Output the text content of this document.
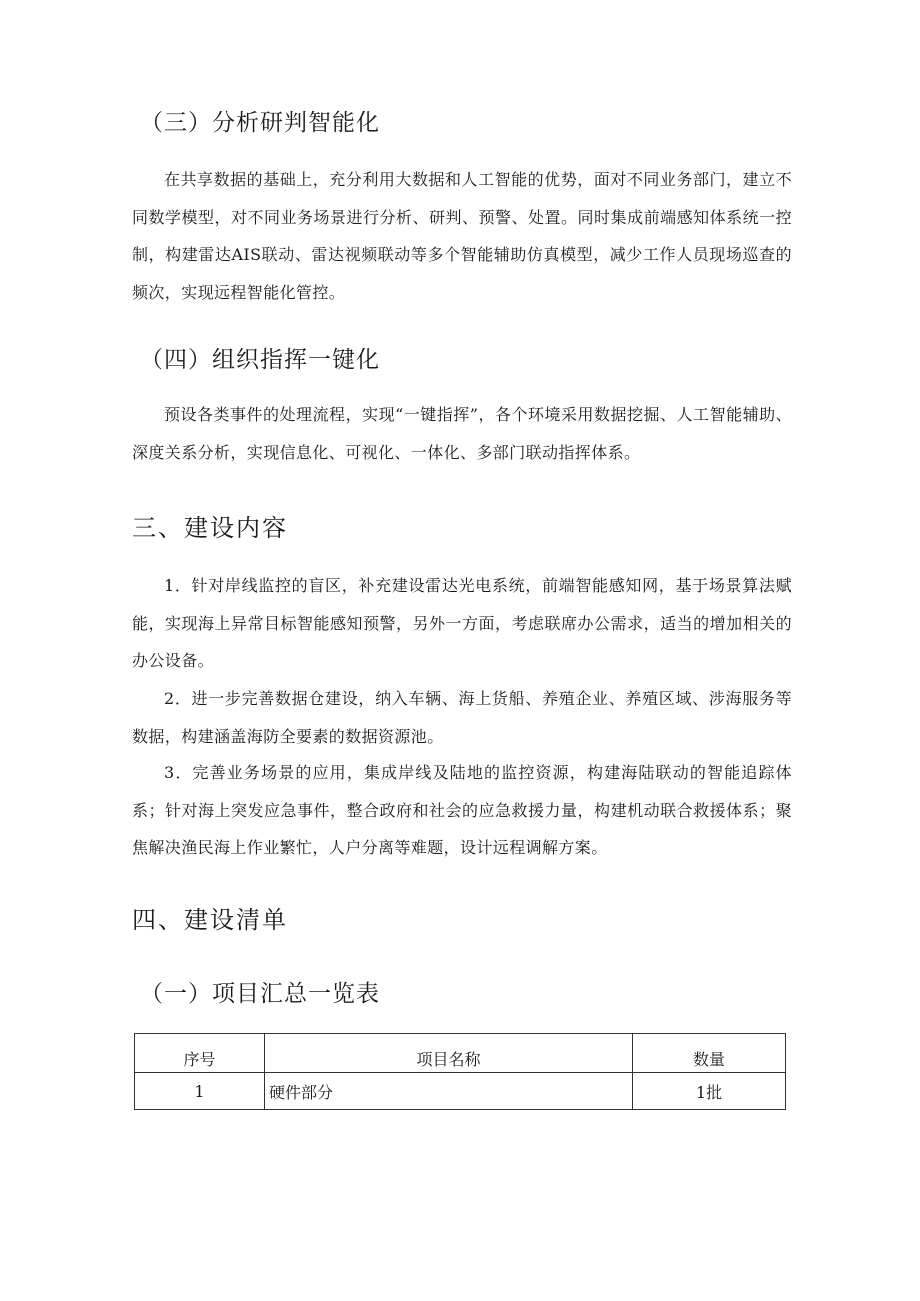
（三）分析研判智能化
在共享数据的基础上，充分利用大数据和人工智能的优势，面对不同业务部门，建立不同数学模型，对不同业务场景进行分析、研判、预警、处置。同时集成前端感知体系统一控制，构建雷达AIS联动、雷达视频联动等多个智能辅助仿真模型，减少工作人员现场巡查的频次，实现远程智能化管控。
（四）组织指挥一键化
预设各类事件的处理流程，实现“一键指挥”，各个环境采用数据挖掘、人工智能辅助、深度关系分析，实现信息化、可视化、一体化、多部门联动指挥体系。
三、建设内容
1．针对岸线监控的盲区，补充建设雷达光电系统，前端智能感知网，基于场景算法赋能，实现海上异常目标智能感知预警，另外一方面，考虑联席办公需求，适当的增加相关的办公设备。
2．进一步完善数据仓建设，纳入车辆、海上货船、养殖企业、养殖区域、涉海服务等数据，构建涵盖海防全要素的数据资源池。
3．完善业务场景的应用，集成岸线及陆地的监控资源，构建海陆联动的智能追踪体系；针对海上突发应急事件，整合政府和社会的应急救援力量，构建机动联合救援体系；聚焦解决渔民海上作业繁忙，人户分离等难题，设计远程调解方案。
四、建设清单
（一）项目汇总一览表
序号	项目名称	数量
1	硬件部分	1批
